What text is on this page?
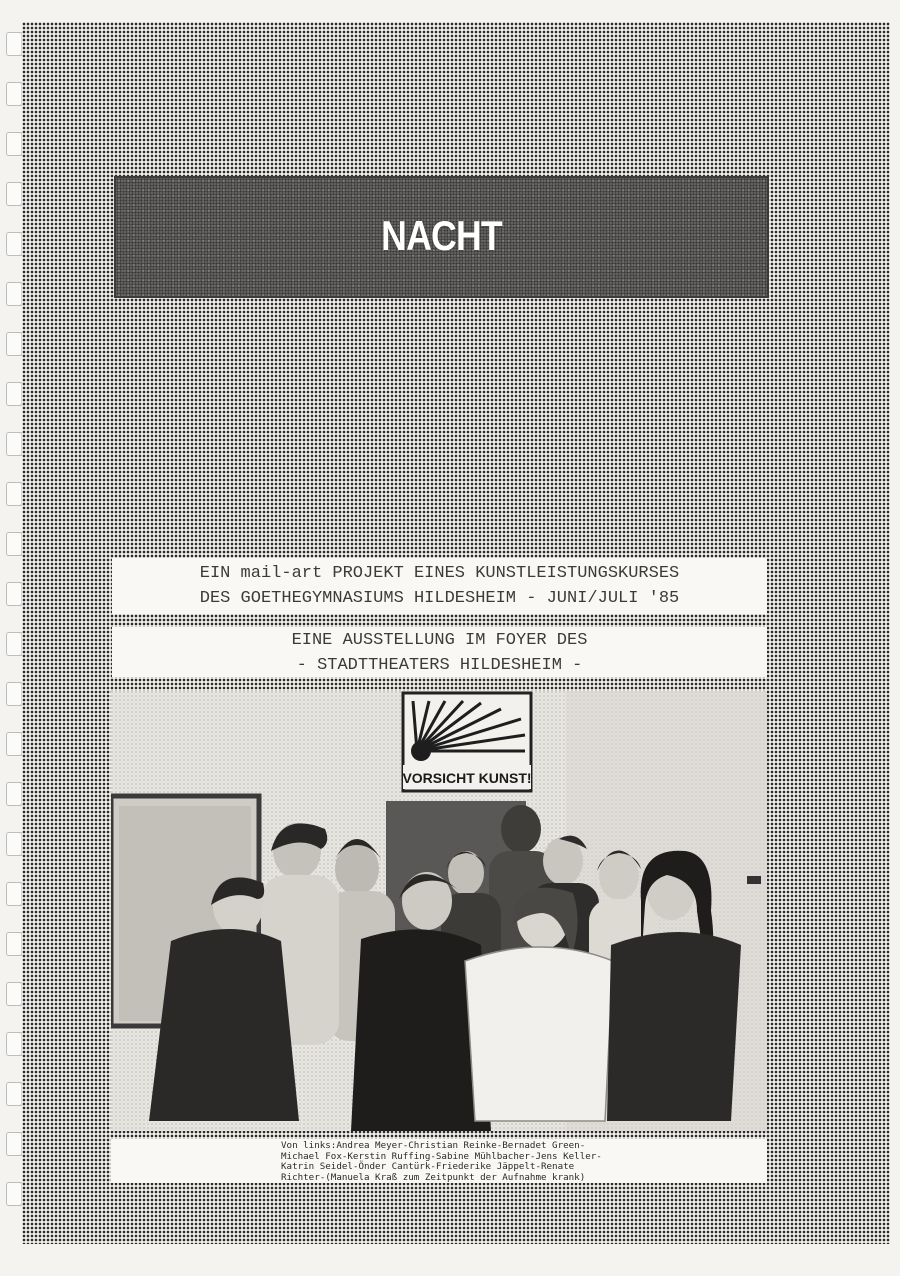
NACHT
EIN mail-art PROJEKT EINES KUNSTLEISTUNGSKURSES
DES GOETHEGYMNASIUMS HILDESHEIM - JUNI/JULI '85
EINE AUSSTELLUNG IM FOYER DES
- STADTTHEATERS HILDESHEIM -
VORSICHT KUNST!
Von links:Andrea Meyer-Christian Reinke-Bernadet Green-
Michael Fox-Kerstin Ruffing-Sabine Mühlbacher-Jens Keller-
Katrin Seidel-Önder Cantürk-Friederike Jäppelt-Renate
Richter-(Manuela Kraß zum Zeitpunkt der Aufnahme krank)
